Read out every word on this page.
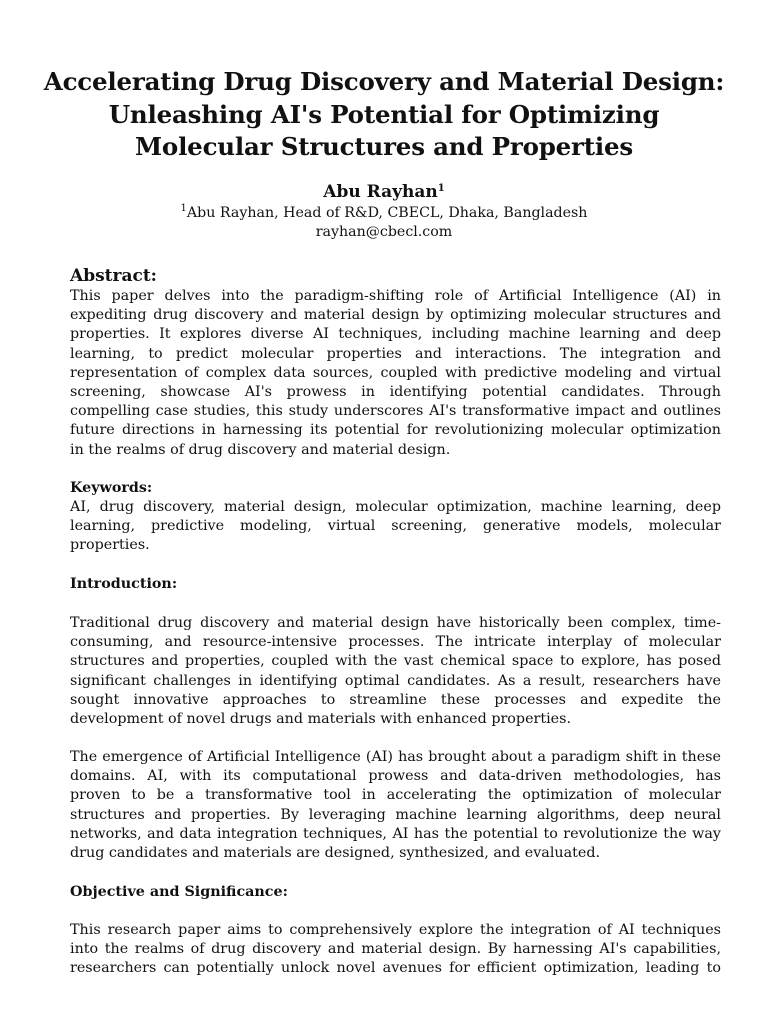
Accelerating Drug Discovery and Material Design:
Unleashing AI's Potential for Optimizing
Molecular Structures and Properties
Abu Rayhan$^1$
$^1$Abu Rayhan, Head of R&D, CBECL, Dhaka, Bangladesh
rayhan@cbecl.com
Abstract:
This paper delves into the paradigm-shifting role of Artificial Intelligence (AI) in
expediting drug discovery and material design by optimizing molecular structures and
properties. It explores diverse AI techniques, including machine learning and deep
learning, to predict molecular properties and interactions. The integration and
representation of complex data sources, coupled with predictive modeling and virtual
screening, showcase AI's prowess in identifying potential candidates. Through
compelling case studies, this study underscores AI's transformative impact and outlines
future directions in harnessing its potential for revolutionizing molecular optimization
in the realms of drug discovery and material design.
Keywords:
AI, drug discovery, material design, molecular optimization, machine learning, deep
learning, predictive modeling, virtual screening, generative models, molecular
properties.
Introduction:
Traditional drug discovery and material design have historically been complex, time-
consuming, and resource-intensive processes. The intricate interplay of molecular
structures and properties, coupled with the vast chemical space to explore, has posed
significant challenges in identifying optimal candidates. As a result, researchers have
sought innovative approaches to streamline these processes and expedite the
development of novel drugs and materials with enhanced properties.
The emergence of Artificial Intelligence (AI) has brought about a paradigm shift in these
domains. AI, with its computational prowess and data-driven methodologies, has
proven to be a transformative tool in accelerating the optimization of molecular
structures and properties. By leveraging machine learning algorithms, deep neural
networks, and data integration techniques, AI has the potential to revolutionize the way
drug candidates and materials are designed, synthesized, and evaluated.
Objective and Significance:
This research paper aims to comprehensively explore the integration of AI techniques
into the realms of drug discovery and material design. By harnessing AI's capabilities,
researchers can potentially unlock novel avenues for efficient optimization, leading to
